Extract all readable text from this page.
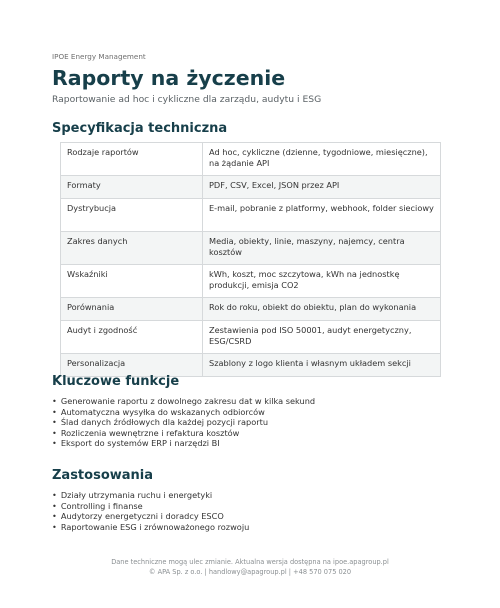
IPOE Energy Management
Raporty na życzenie
Raportowanie ad hoc i cykliczne dla zarządu, audytu i ESG
Specyfikacja techniczna
Rodzaje raportów	Ad hoc, cykliczne (dzienne, tygodniowe, miesięczne), na żądanie API
Formaty	PDF, CSV, Excel, JSON przez API
Dystrybucja	E-mail, pobranie z platformy, webhook, folder sieciowy
Zakres danych	Media, obiekty, linie, maszyny, najemcy, centra kosztów
Wskaźniki	kWh, koszt, moc szczytowa, kWh na jednostkę produkcji, emisja CO2
Porównania	Rok do roku, obiekt do obiektu, plan do wykonania
Audyt i zgodność	Zestawienia pod ISO 50001, audyt energetyczny, ESG/CSRD
Personalizacja	Szablony z logo klienta i własnym układem sekcji
Kluczowe funkcje
• Generowanie raportu z dowolnego zakresu dat w kilka sekund
• Automatyczna wysyłka do wskazanych odbiorców
• Ślad danych źródłowych dla każdej pozycji raportu
• Rozliczenia wewnętrzne i refaktura kosztów
• Eksport do systemów ERP i narzędzi BI
Zastosowania
• Działy utrzymania ruchu i energetyki
• Controlling i finanse
• Audytorzy energetyczni i doradcy ESCO
• Raportowanie ESG i zrównoważonego rozwoju
Dane techniczne mogą ulec zmianie. Aktualna wersja dostępna na ipoe.apagroup.pl
© APA Sp. z o.o. | handlowy@apagroup.pl | +48 570 075 020
